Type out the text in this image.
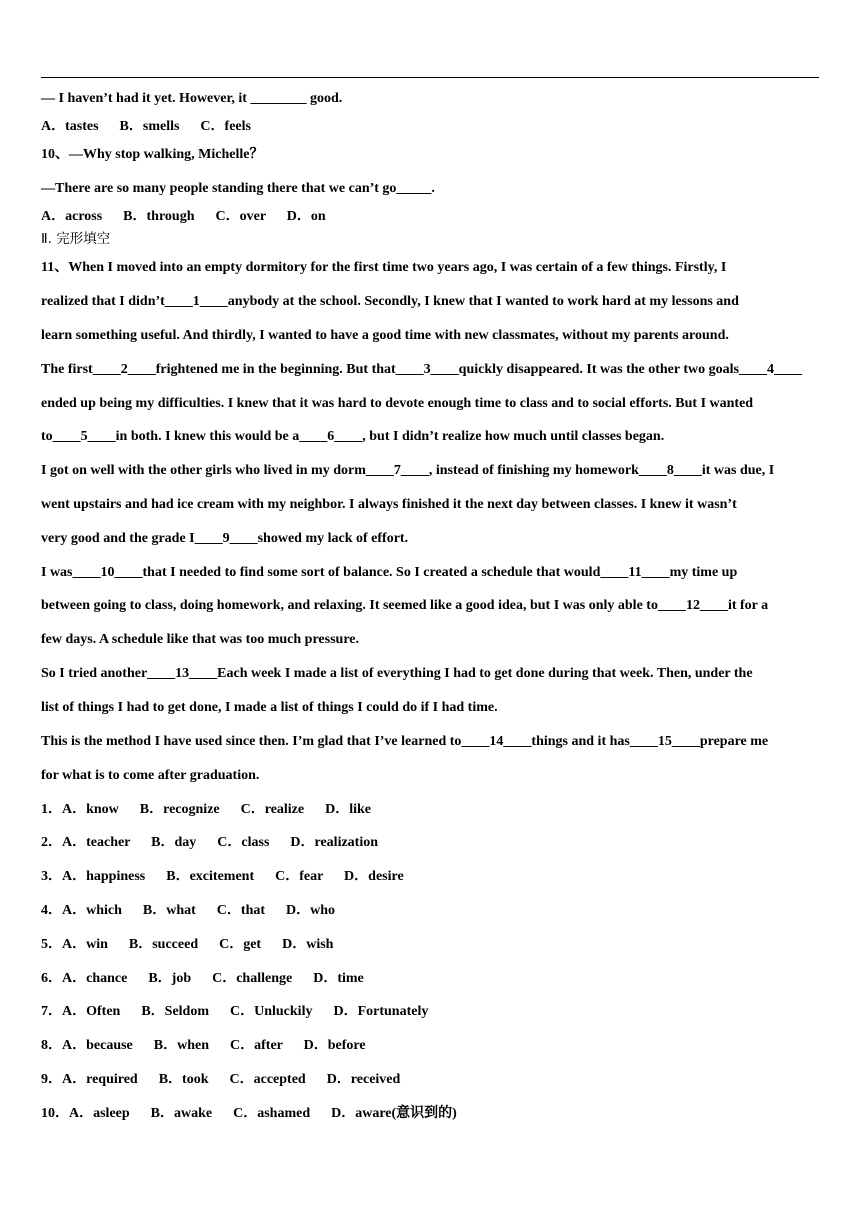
— I haven’t had it yet. However, it ________ good.
A．tastes      B．smells      C．feels
10、—Why stop walking, Michelle？
—There are so many people standing there that we can’t go_____.
A．across      B．through      C．over      D．on
Ⅱ. 完形填空
11、When I moved into an empty dormitory for the first time two years ago, I was certain of a few things. Firstly, I
realized that I didn’t____1____anybody at the school. Secondly, I knew that I wanted to work hard at my lessons and
learn something useful. And thirdly, I wanted to have a good time with new classmates, without my parents around.
The first____2____frightened me in the beginning. But that____3____quickly disappeared. It was the other two goals____4____
ended up being my difficulties. I knew that it was hard to devote enough time to class and to social efforts. But I wanted
to____5____in both. I knew this would be a____6____, but I didn’t realize how much until classes began.
I got on well with the other girls who lived in my dorm____7____, instead of finishing my homework____8____it was due, I
went upstairs and had ice cream with my neighbor. I always finished it the next day between classes. I knew it wasn’t
very good and the grade I____9____showed my lack of effort.
I was____10____that I needed to find some sort of balance. So I created a schedule that would____11____my time up
between going to class, doing homework, and relaxing. It seemed like a good idea, but I was only able to____12____it for a
few days. A schedule like that was too much pressure.
So I tried another____13____Each week I made a list of everything I had to get done during that week. Then, under the
list of things I had to get done, I made a list of things I could do if I had time.
This is the method I have used since then. I’m glad that I’ve learned to____14____things and it has____15____prepare me
for what is to come after graduation.
1．A．know      B．recognize      C．realize      D．like
2．A．teacher      B．day      C．class      D．realization
3．A．happiness      B．excitement      C．fear      D．desire
4．A．which      B．what      C．that      D．who
5．A．win      B．succeed      C．get      D．wish
6．A．chance      B．job      C．challenge      D．time
7．A．Often      B．Seldom      C．Unluckily      D．Fortunately
8．A．because      B．when      C．after      D．before
9．A．required      B．took      C．accepted      D．received
10．A．asleep      B．awake      C．ashamed      D．aware(意识到的)
